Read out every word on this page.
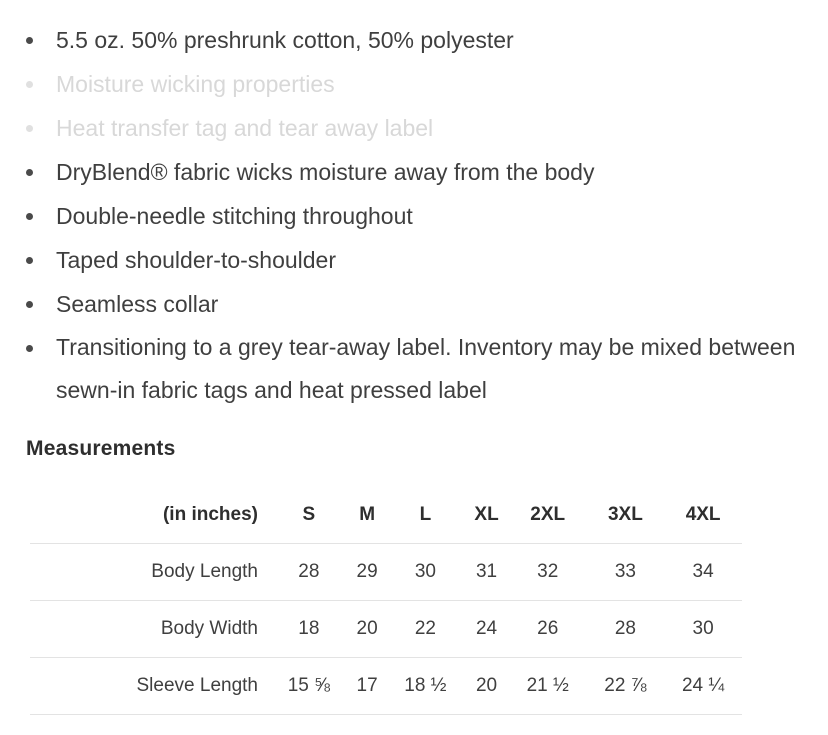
5.5 oz. 50% preshrunk cotton, 50% polyester
Moisture wicking properties
Heat transfer tag and tear away label
DryBlend® fabric wicks moisture away from the body
Double-needle stitching throughout
Taped shoulder-to-shoulder
Seamless collar
Transitioning to a grey tear-away label. Inventory may be mixed between sewn-in fabric tags and heat pressed label
Measurements
(in inches)	S	M	L	XL	2XL	3XL	4XL
Body Length	28	29	30	31	32	33	34
Body Width	18	20	22	24	26	28	30
Sleeve Length	15 ⅝	17	18 ½	20	21 ½	22 ⅞	24 ¼
